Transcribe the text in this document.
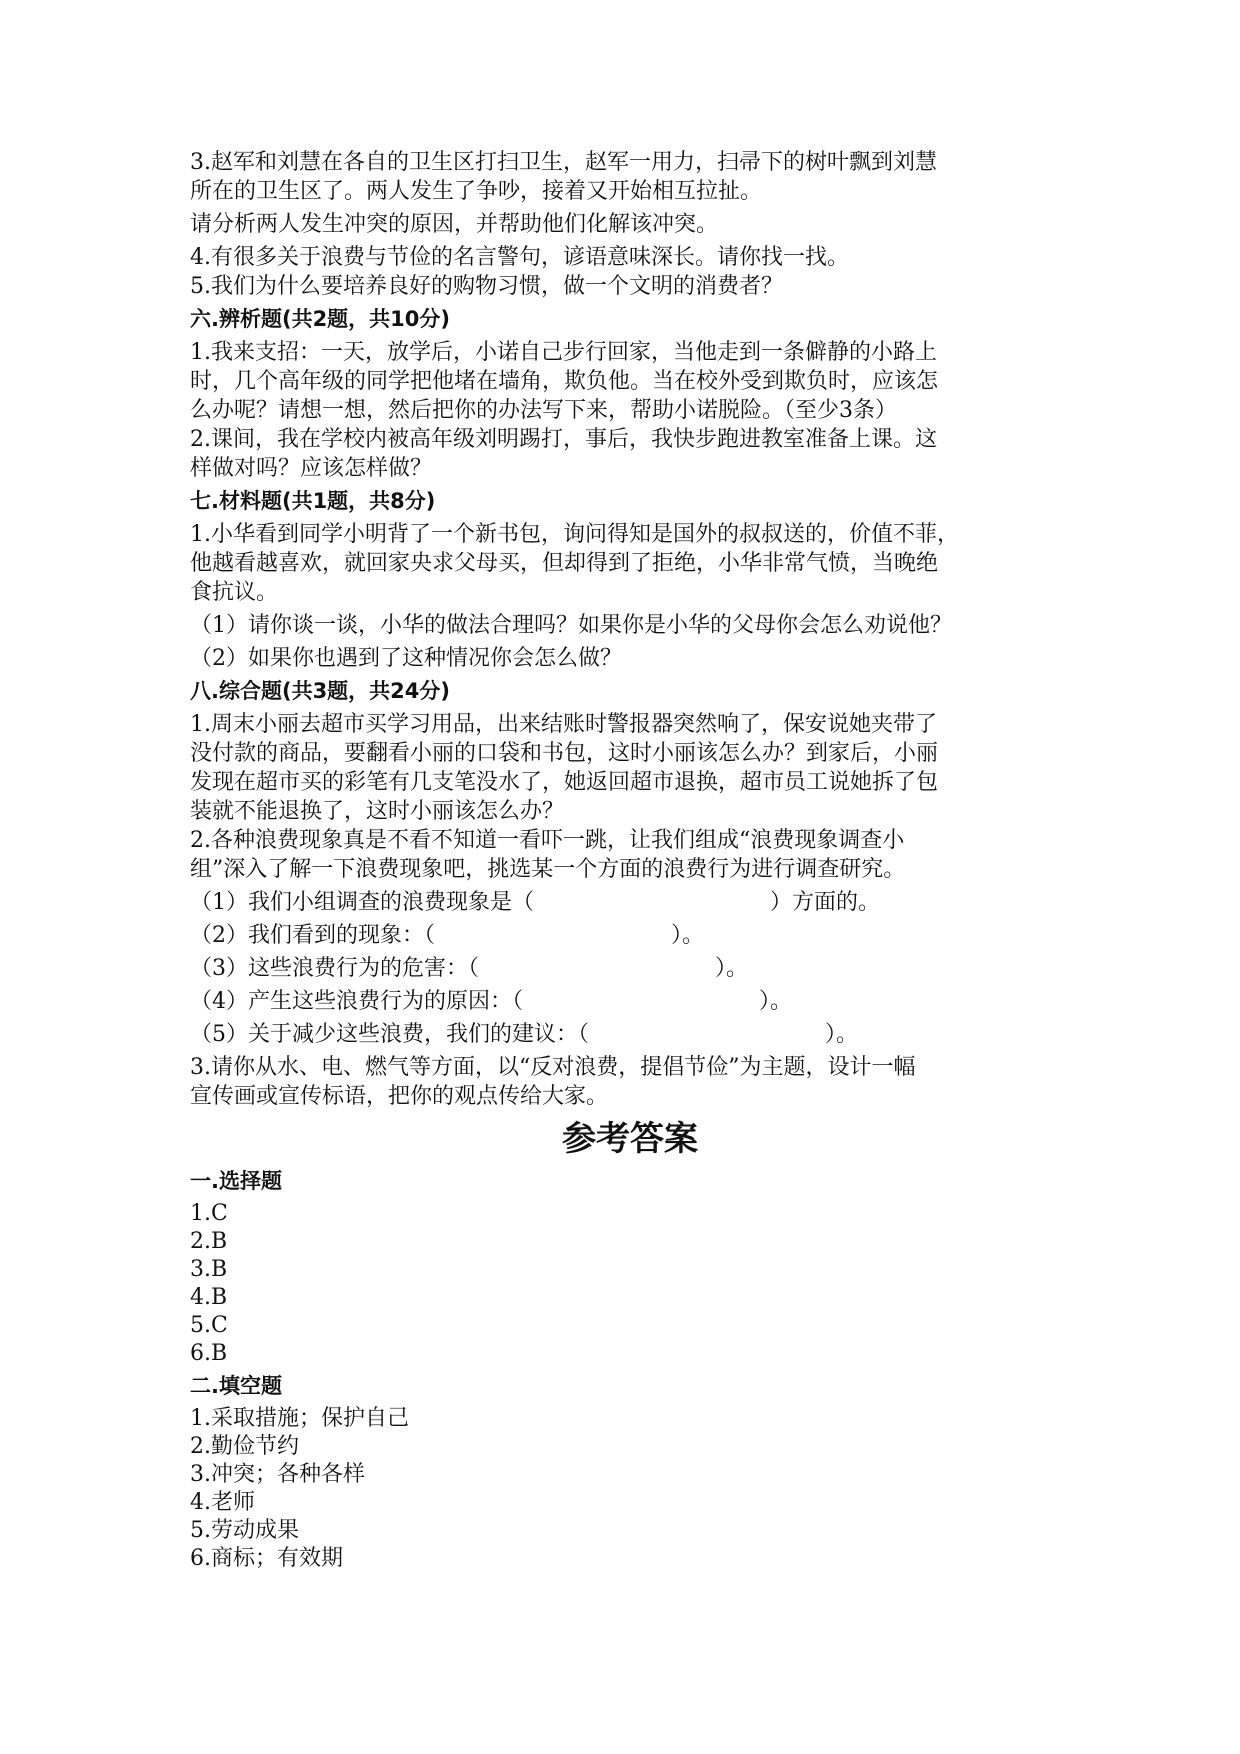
3.赵军和刘慧在各自的卫生区打扫卫生，赵军一用力，扫帚下的树叶飘到刘慧

所在的卫生区了。两人发生了争吵，接着又开始相互拉扯。

请分析两人发生冲突的原因，并帮助他们化解该冲突。

4.有很多关于浪费与节俭的名言警句，谚语意味深长。请你找一找。

5.我们为什么要培养良好的购物习惯，做一个文明的消费者？

六.辨析题(共2题，共10分)

1.我来支招：一天，放学后，小诺自己步行回家，当他走到一条僻静的小路上

时，几个高年级的同学把他堵在墙角，欺负他。当在校外受到欺负时，应该怎

么办呢？请想一想，然后把你的办法写下来，帮助小诺脱险。（至少3条）

2.课间，我在学校内被高年级刘明踢打，事后，我快步跑进教室准备上课。这

样做对吗？应该怎样做？

七.材料题(共1题，共8分)

1.小华看到同学小明背了一个新书包，询问得知是国外的叔叔送的，价值不菲，

他越看越喜欢，就回家央求父母买，但却得到了拒绝，小华非常气愤，当晚绝

食抗议。

（1）请你谈一谈，小华的做法合理吗？如果你是小华的父母你会怎么劝说他？

（2）如果你也遇到了这种情况你会怎么做？

八.综合题(共3题，共24分)

1.周末小丽去超市买学习用品，出来结账时警报器突然响了，保安说她夹带了

没付款的商品，要翻看小丽的口袋和书包，这时小丽该怎么办？到家后，小丽

发现在超市买的彩笔有几支笔没水了，她返回超市退换，超市员工说她拆了包

装就不能退换了，这时小丽该怎么办？

2.各种浪费现象真是不看不知道一看吓一跳，让我们组成“浪费现象调查小

组”深入了解一下浪费现象吧，挑选某一个方面的浪费行为进行调查研究。

（1）我们小组调查的浪费现象是（	）方面的。

（2）我们看到的现象：（	）。

（3）这些浪费行为的危害：（	）。

（4）产生这些浪费行为的原因：（	）。

（5）关于减少这些浪费，我们的建议：（	）。

3.请你从水、电、燃气等方面，以“反对浪费，提倡节俭”为主题，设计一幅

宣传画或宣传标语，把你的观点传给大家。

参考答案

一.选择题

1.C

2.B

3.B

4.B

5.C

6.B

二.填空题

1.采取措施；保护自己

2.勤俭节约

3.冲突；各种各样

4.老师

5.劳动成果

6.商标；有效期
